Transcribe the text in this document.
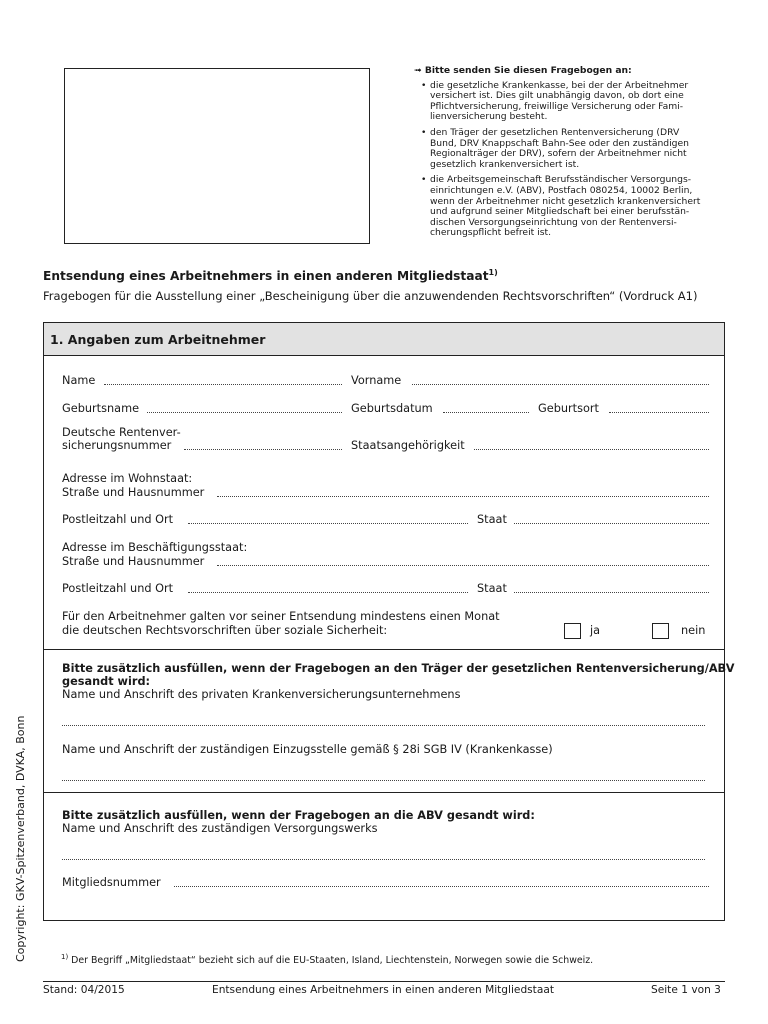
➟ Bitte senden Sie diesen Fragebogen an:
• die gesetzliche Krankenkasse, bei der der Arbeitnehmer
versichert ist. Dies gilt unabhängig davon, ob dort eine
Pflichtversicherung, freiwillige Versicherung oder Fami-
lienversicherung besteht.
• den Träger der gesetzlichen Rentenversicherung (DRV
Bund, DRV Knappschaft Bahn-See oder den zuständigen
Regionalträger der DRV), sofern der Arbeitnehmer nicht
gesetzlich krankenversichert ist.
• die Arbeitsgemeinschaft Berufsständischer Versorgungs-
einrichtungen e.V. (ABV), Postfach 080254, 10002 Berlin,
wenn der Arbeitnehmer nicht gesetzlich krankenversichert
und aufgrund seiner Mitgliedschaft bei einer berufsstän-
dischen Versorgungseinrichtung von der Rentenversi-
cherungspflicht befreit ist.
Entsendung eines Arbeitnehmers in einen anderen Mitgliedstaat$^{1)}$
Fragebogen für die Ausstellung einer „Bescheinigung über die anzuwendenden Rechtsvorschriften“ (Vordruck A1)
1. Angaben zum Arbeitnehmer
Name	Vorname
Geburtsname	Geburtsdatum	Geburtsort
Deutsche Rentenver-
sicherungsnummer	Staatsangehörigkeit
Adresse im Wohnstaat:
Straße und Hausnummer
Postleitzahl und Ort	Staat
Adresse im Beschäftigungsstaat:
Straße und Hausnummer
Postleitzahl und Ort	Staat
Für den Arbeitnehmer galten vor seiner Entsendung mindestens einen Monat
die deutschen Rechtsvorschriften über soziale Sicherheit:	ja	nein
Bitte zusätzlich ausfüllen, wenn der Fragebogen an den Träger der gesetzlichen Rentenversicherung/ABV
gesandt wird:
Name und Anschrift des privaten Krankenversicherungsunternehmens
Name und Anschrift der zuständigen Einzugsstelle gemäß § 28i SGB IV (Krankenkasse)
Bitte zusätzlich ausfüllen, wenn der Fragebogen an die ABV gesandt wird:
Name und Anschrift des zuständigen Versorgungswerks
Mitgliedsnummer
Copyright: GKV-Spitzenverband, DVKA, Bonn	$^{1)}$ Der Begriff „Mitgliedstaat“ bezieht sich auf die EU-Staaten, Island, Liechtenstein, Norwegen sowie die Schweiz.
Stand: 04/2015	Entsendung eines Arbeitnehmers in einen anderen Mitgliedstaat	Seite 1 von 3
